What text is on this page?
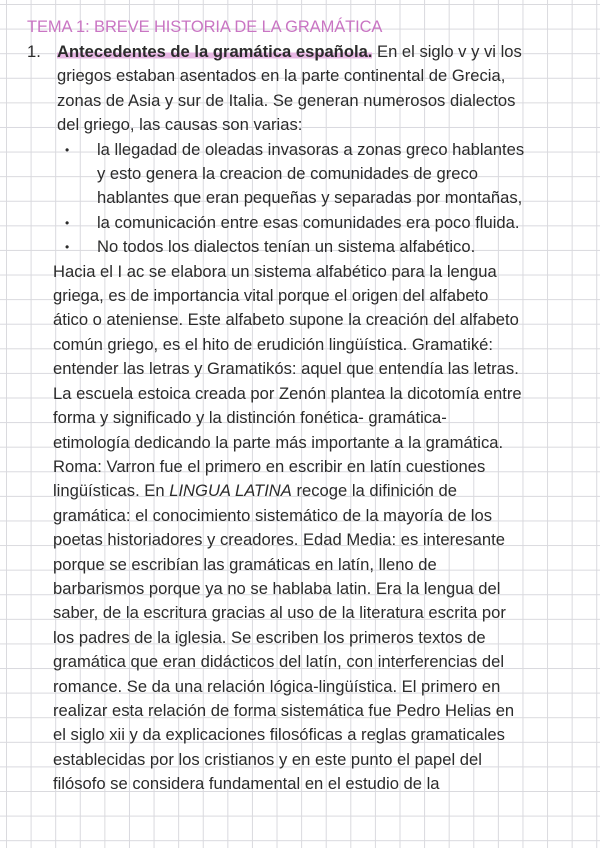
TEMA 1: BREVE HISTORIA DE LA GRAMÁTICA
1. Antecedentes de la gramática española. En el siglo v y vi los
griegos estaban asentados en la parte continental de Grecia,
zonas de Asia y sur de Italia. Se generan numerosos dialectos
del griego, las causas son varias:
•	la llegadad de oleadas invasoras a zonas greco hablantes
y esto genera la creacion de comunidades de greco
hablantes que eran pequeñas y separadas por montañas,
•	la comunicación entre esas comunidades era poco fluida.
•	No todos los dialectos tenían un sistema alfabético.
Hacia el I ac se elabora un sistema alfabético para la lengua
griega, es de importancia vital porque el origen del alfabeto
ático o ateniense. Este alfabeto supone la creación del alfabeto
común griego, es el hito de erudición lingüística. Gramatiké:
entender las letras y Gramatikós: aquel que entendía las letras.
La escuela estoica creada por Zenón plantea la dicotomía entre
forma y significado y la distinción fonética- gramática-
etimología dedicando la parte más importante a la gramática.
Roma: Varron fue el primero en escribir en latín cuestiones
lingüísticas. En LINGUA LATINA recoge la difinición de
gramática: el conocimiento sistemático de la mayoría de los
poetas historiadores y creadores. Edad Media: es interesante
porque se escribían las gramáticas en latín, lleno de
barbarismos porque ya no se hablaba latin. Era la lengua del
saber, de la escritura gracias al uso de la literatura escrita por
los padres de la iglesia. Se escriben los primeros textos de
gramática que eran didácticos del latín, con interferencias del
romance. Se da una relación lógica-lingüística. El primero en
realizar esta relación de forma sistemática fue Pedro Helias en
el siglo xii y da explicaciones filosóficas a reglas gramaticales
establecidas por los cristianos y en este punto el papel del
filósofo se considera fundamental en el estudio de la
